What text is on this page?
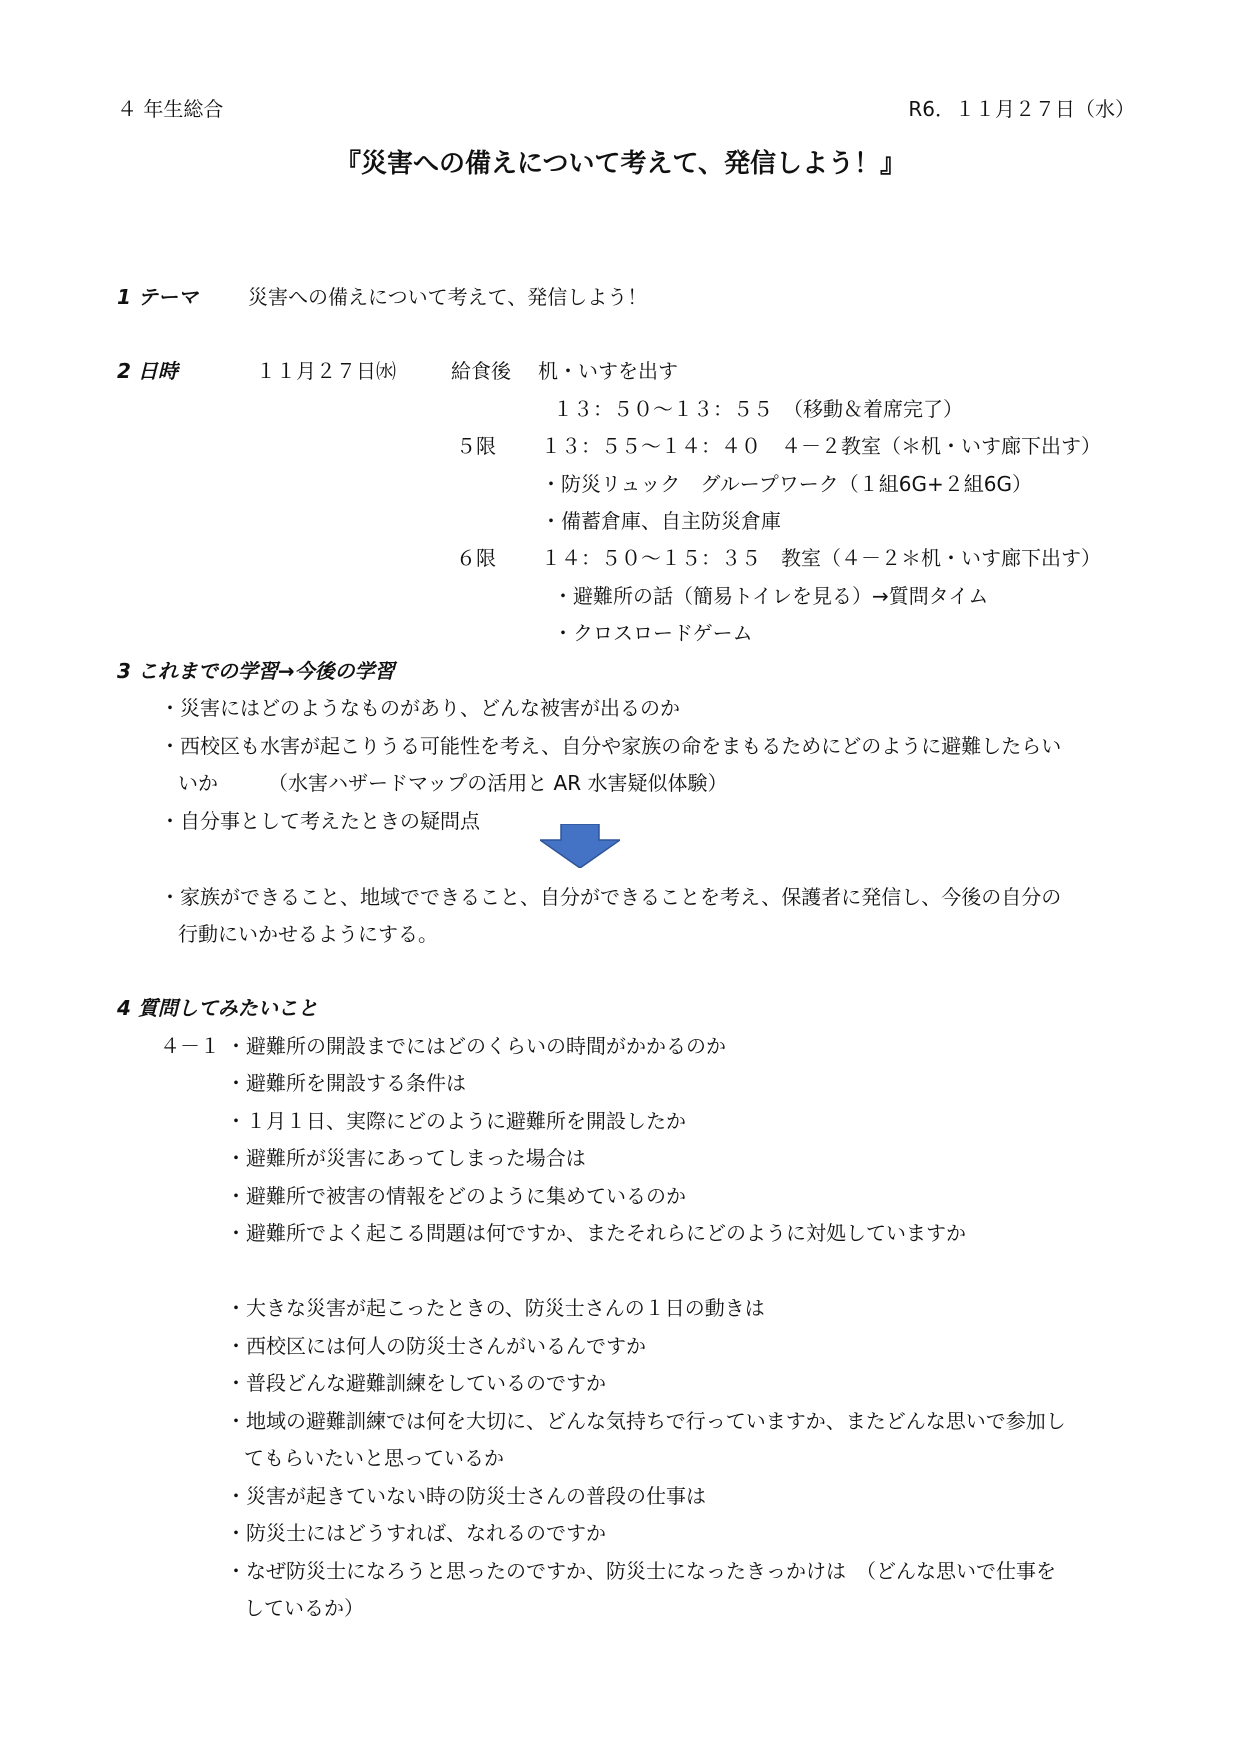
４ 年生総合	R6．１１月２７日（水）
『災害への備えについて考えて、発信しよう！』
1 テーマ	災害への備えについて考えて、発信しよう！
2 日時	１１月２７日㈬	給食後 机・いすを出す
１３：５０～１３：５５　（移動＆着席完了）
５限 １３：５５～１４：４０　４－２教室（＊机・いす廊下出す）
・防災リュック　グループワーク（１組6G+２組6G）
・備蓄倉庫、自主防災倉庫
６限 １４：５０～１５：３５　教室（４－２＊机・いす廊下出す）
・避難所の話（簡易トイレを見る）→質問タイム
・クロスロードゲーム
3 これまでの学習→今後の学習
・災害にはどのようなものがあり、どんな被害が出るのか
・西校区も水害が起こりうる可能性を考え、自分や家族の命をまもるためにどのように避難したらい
いか　　　（水害ハザードマップの活用と AR 水害疑似体験）
・自分事として考えたときの疑問点
・家族ができること、地域でできること、自分ができることを考え、保護者に発信し、今後の自分の
行動にいかせるようにする。
4 質問してみたいこと
４－１ ・避難所の開設までにはどのくらいの時間がかかるのか
・避難所を開設する条件は
・１月１日、実際にどのように避難所を開設したか
・避難所が災害にあってしまった場合は
・避難所で被害の情報をどのように集めているのか
・避難所でよく起こる問題は何ですか、またそれらにどのように対処していますか
・大きな災害が起こったときの、防災士さんの１日の動きは
・西校区には何人の防災士さんがいるんですか
・普段どんな避難訓練をしているのですか
・地域の避難訓練では何を大切に、どんな気持ちで行っていますか、またどんな思いで参加し
てもらいたいと思っているか
・災害が起きていない時の防災士さんの普段の仕事は
・防災士にはどうすれば、なれるのですか
・なぜ防災士になろうと思ったのですか、防災士になったきっかけは　（どんな思いで仕事を
しているか）
